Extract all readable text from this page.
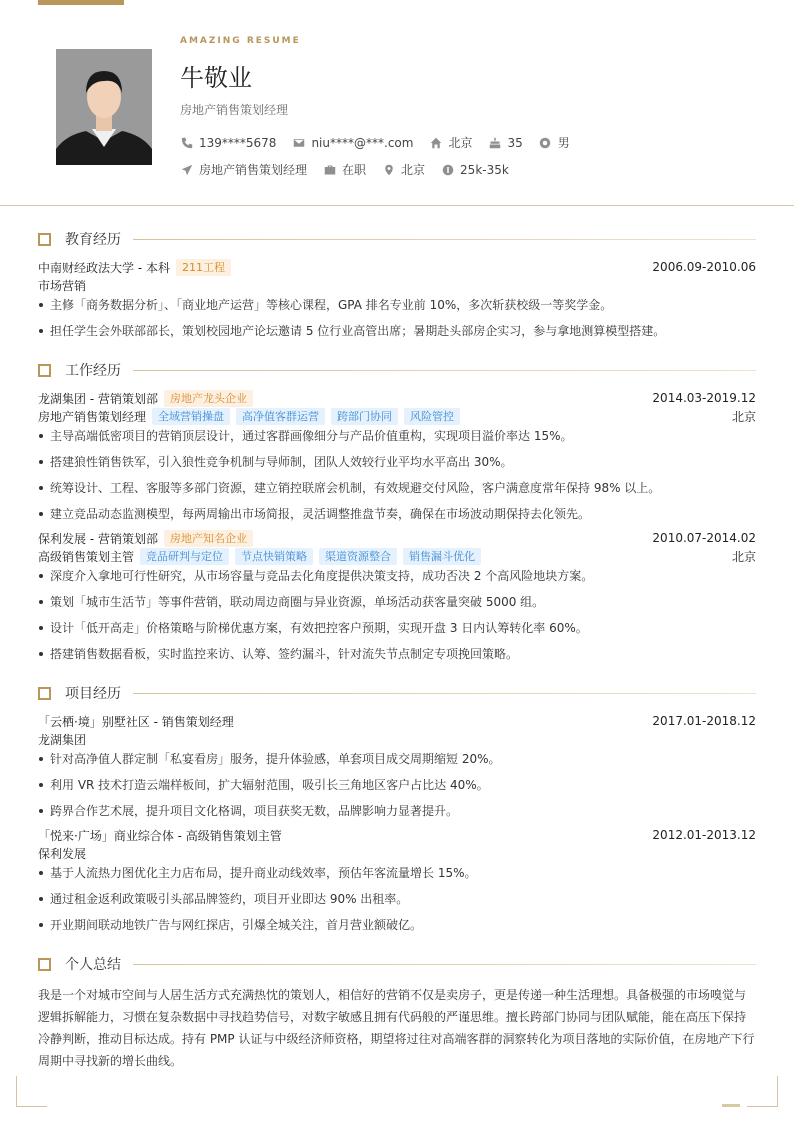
AMAZING RESUME
牛敬业
房地产销售策划经理
139****5678	niu****@***.com	北京	35	男
房地产销售策划经理	在职	北京	25k-35k
教育经历
中南财经政法大学 - 本科	211工程	2006.09-2010.06
市场营销
主修「商务数据分析」、「商业地产运营」等核心课程，GPA 排名专业前 10%，多次斩获校级一等奖学金。
担任学生会外联部部长，策划校园地产论坛邀请 5 位行业高管出席；暑期赴头部房企实习，参与拿地测算模型搭建。
工作经历
龙湖集团 - 营销策划部	房地产龙头企业	2014.03-2019.12
房地产销售策划经理	全域营销操盘	高净值客群运营	跨部门协同	风险管控	北京
主导高端低密项目的营销顶层设计，通过客群画像细分与产品价值重构，实现项目溢价率达 15%。
搭建狼性销售铁军，引入狼性竞争机制与导师制，团队人效较行业平均水平高出 30%。
统筹设计、工程、客服等多部门资源，建立销控联席会机制，有效规避交付风险，客户满意度常年保持 98% 以上。
建立竞品动态监测模型，每两周输出市场简报，灵活调整推盘节奏，确保在市场波动期保持去化领先。
保利发展 - 营销策划部	房地产知名企业	2010.07-2014.02
高级销售策划主管	竞品研判与定位	节点快销策略	渠道资源整合	销售漏斗优化	北京
深度介入拿地可行性研究，从市场容量与竞品去化角度提供决策支持，成功否决 2 个高风险地块方案。
策划「城市生活节」等事件营销，联动周边商圈与异业资源，单场活动获客量突破 5000 组。
设计「低开高走」价格策略与阶梯优惠方案，有效把控客户预期，实现开盘 3 日内认筹转化率 60%。
搭建销售数据看板，实时监控来访、认筹、签约漏斗，针对流失节点制定专项挽回策略。
项目经历
「云栖·境」别墅社区 - 销售策划经理	2017.01-2018.12
龙湖集团
针对高净值人群定制「私宴看房」服务，提升体验感，单套项目成交周期缩短 20%。
利用 VR 技术打造云端样板间，扩大辐射范围，吸引长三角地区客户占比达 40%。
跨界合作艺术展，提升项目文化格调，项目获奖无数，品牌影响力显著提升。
「悦来·广场」商业综合体 - 高级销售策划主管	2012.01-2013.12
保利发展
基于人流热力图优化主力店布局，提升商业动线效率，预估年客流量增长 15%。
通过租金返利政策吸引头部品牌签约，项目开业即达 90% 出租率。
开业期间联动地铁广告与网红探店，引爆全城关注，首月营业额破亿。
个人总结
我是一个对城市空间与人居生活方式充满热忱的策划人，相信好的营销不仅是卖房子，更是传递一种生活理想。具备极强的市场嗅觉与逻辑拆解能力，习惯在复杂数据中寻找趋势信号，对数字敏感且拥有代码般的严谨思维。擅长跨部门协同与团队赋能，能在高压下保持冷静判断，推动目标达成。持有 PMP 认证与中级经济师资格，期望将过往对高端客群的洞察转化为项目落地的实际价值，在房地产下行周期中寻找新的增长曲线。
